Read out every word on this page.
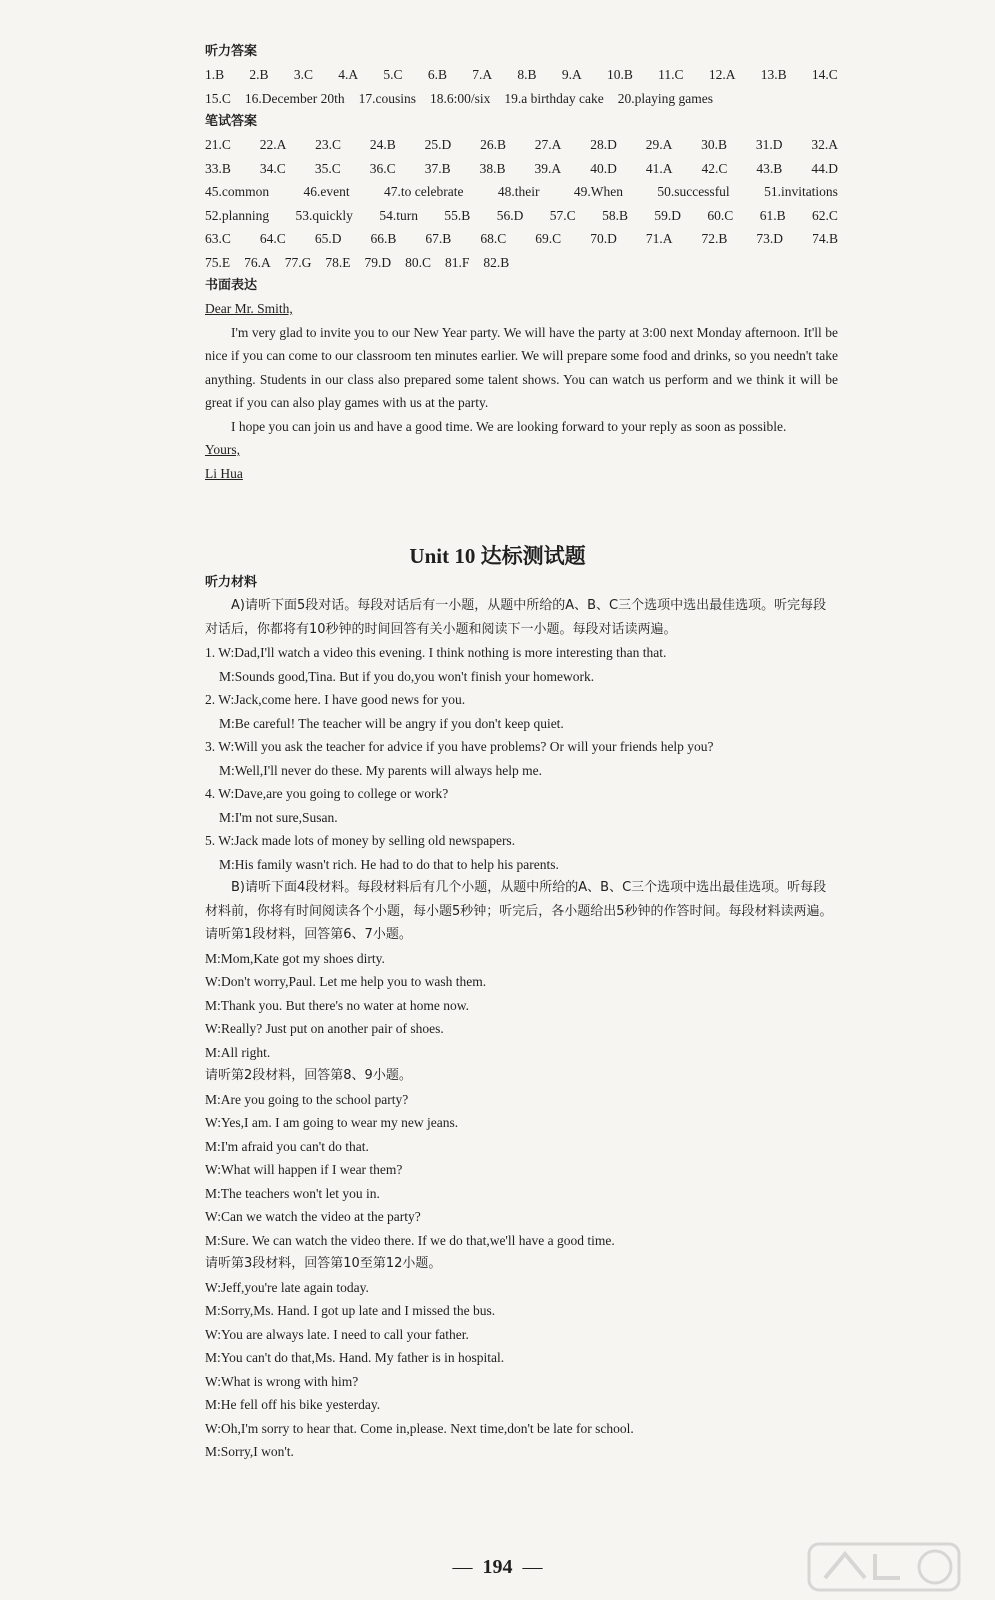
听力答案
1.B 2.B 3.C 4.A 5.C 6.B 7.A 8.B 9.A 10.B 11.C 12.A 13.B 14.C
15.C 16.December 20th 17.cousins 18.6:00/six 19.a birthday cake 20.playing games
笔试答案
21.C 22.A 23.C 24.B 25.D 26.B 27.A 28.D 29.A 30.B 31.D 32.A
33.B 34.C 35.C 36.C 37.B 38.B 39.A 40.D 41.A 42.C 43.B 44.D
45.common	46.event	47.to celebrate	48.their	49.When	50.successful	51.invitations
52.planning 53.quickly 54.turn 55.B 56.D 57.C 58.B 59.D 60.C 61.B 62.C
63.C 64.C 65.D 66.B 67.B 68.C 69.C 70.D 71.A 72.B 73.D 74.B
75.E 76.A 77.G 78.E 79.D 80.C 81.F 82.B
书面表达

Dear Mr. Smith,

I'm very glad to invite you to our New Year party. We will have the party at 3:00 next Monday afternoon. It'll be nice if you can come to our classroom ten minutes earlier. We will prepare some food and drinks, so you needn't take anything. Students in our class also prepared some talent shows. You can watch us perform and we think it will be great if you can also play games with us at the party.

I hope you can join us and have a good time. We are looking forward to your reply as soon as possible.

Yours,

Li Hua

Unit 10 达标测试题
听力材料
A)请听下面5段对话。每段对话后有一小题，从题中所给的A、B、C三个选项中选出最佳选项。听完每段对话后，你都将有10秒钟的时间回答有关小题和阅读下一小题。每段对话读两遍。
1. W:Dad,I'll watch a video this evening. I think nothing is more interesting than that.
M:Sounds good,Tina. But if you do,you won't finish your homework.
2. W:Jack,come here. I have good news for you.
M:Be careful! The teacher will be angry if you don't keep quiet.
3. W:Will you ask the teacher for advice if you have problems? Or will your friends help you?
M:Well,I'll never do these. My parents will always help me.
4. W:Dave,are you going to college or work?
M:I'm not sure,Susan.
5. W:Jack made lots of money by selling old newspapers.
M:His family wasn't rich. He had to do that to help his parents.
B)请听下面4段材料。每段材料后有几个小题，从题中所给的A、B、C三个选项中选出最佳选项。听每段材料前，你将有时间阅读各个小题，每小题5秒钟；听完后，各小题给出5秒钟的作答时间。每段材料读两遍。
请听第1段材料，回答第6、7小题。
M:Mom,Kate got my shoes dirty.
W:Don't worry,Paul. Let me help you to wash them.
M:Thank you. But there's no water at home now.
W:Really? Just put on another pair of shoes.
M:All right.
请听第2段材料，回答第8、9小题。
M:Are you going to the school party?
W:Yes,I am. I am going to wear my new jeans.
M:I'm afraid you can't do that.
W:What will happen if I wear them?
M:The teachers won't let you in.
W:Can we watch the video at the party?
M:Sure. We can watch the video there. If we do that,we'll have a good time.
请听第3段材料，回答第10至第12小题。
W:Jeff,you're late again today.
M:Sorry,Ms. Hand. I got up late and I missed the bus.
W:You are always late. I need to call your father.
M:You can't do that,Ms. Hand. My father is in hospital.
W:What is wrong with him?
M:He fell off his bike yesterday.
W:Oh,I'm sorry to hear that. Come in,please. Next time,don't be late for school.
M:Sorry,I won't.
— 194 —
